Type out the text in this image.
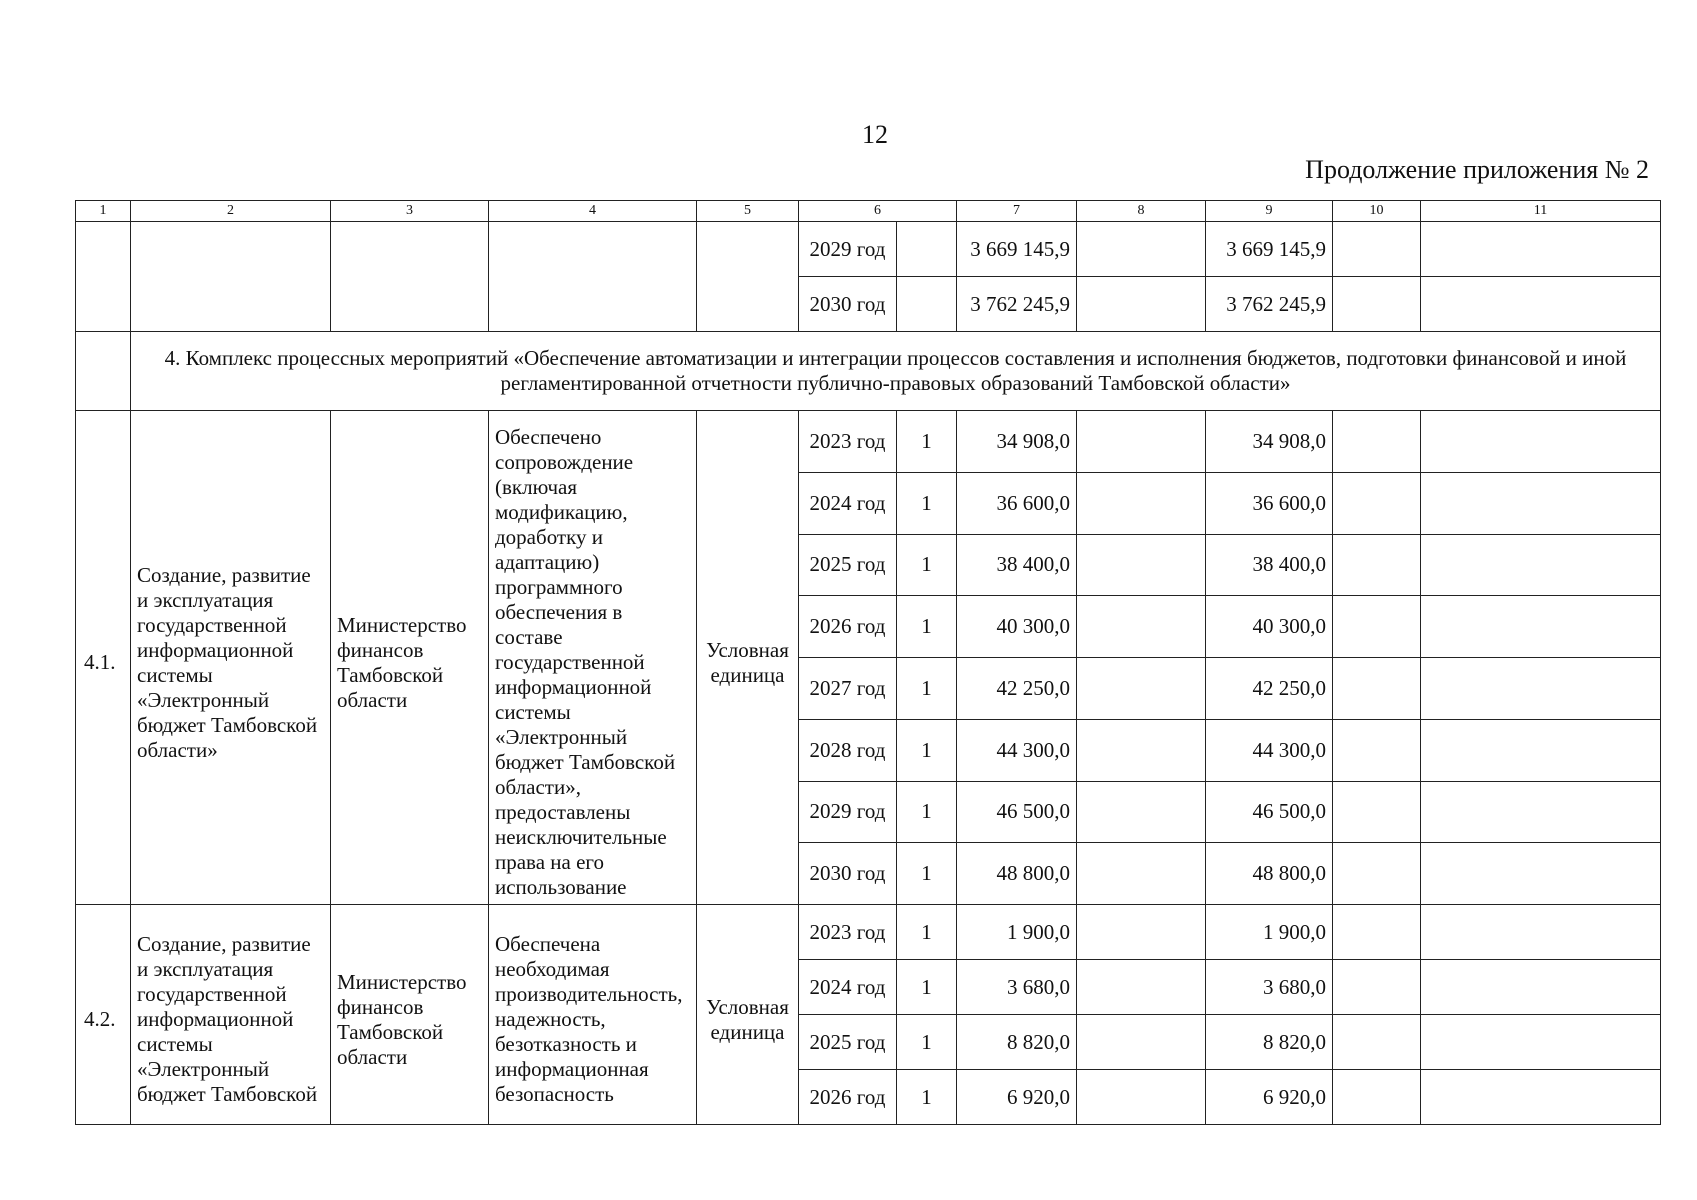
12
Продолжение приложения № 2
1	2	3	4	5	6		7	8	9	10	11
					2029 год		3 669 145,9		3 669 145,9		
					2030 год		3 762 245,9		3 762 245,9		
	4. Комплекс процессных мероприятий «Обеспечение автоматизации и интеграции процессов составления и исполнения бюджетов, подготовки финансовой и иной регламентированной отчетности публично-правовых образований Тамбовской области»										
4.1.	Создание, развитие и эксплуатация государственной информационной системы «Электронный бюджет Тамбовской области»	Министерство финансов Тамбовской области	Обеспечено сопровождение (включая модификацию, доработку и адаптацию) программного обеспечения в составе государственной информационной системы «Электронный бюджет Тамбовской области», предоставлены неисключительные права на его использование	Условная единица	2023 год	1	34 908,0		34 908,0		
					2024 год	1	36 600,0		36 600,0		
					2025 год	1	38 400,0		38 400,0		
					2026 год	1	40 300,0		40 300,0		
					2027 год	1	42 250,0		42 250,0		
					2028 год	1	44 300,0		44 300,0		
					2029 год	1	46 500,0		46 500,0		
					2030 год	1	48 800,0		48 800,0		
4.2.	Создание, развитие и эксплуатация государственной информационной системы «Электронный бюджет Тамбовской	Министерство финансов Тамбовской области	Обеспечена необходимая производительность, надежность, безотказность и информационная безопасность	Условная единица	2023 год	1	1 900,0		1 900,0		
					2024 год	1	3 680,0		3 680,0		
					2025 год	1	8 820,0		8 820,0		
					2026 год	1	6 920,0		6 920,0		
